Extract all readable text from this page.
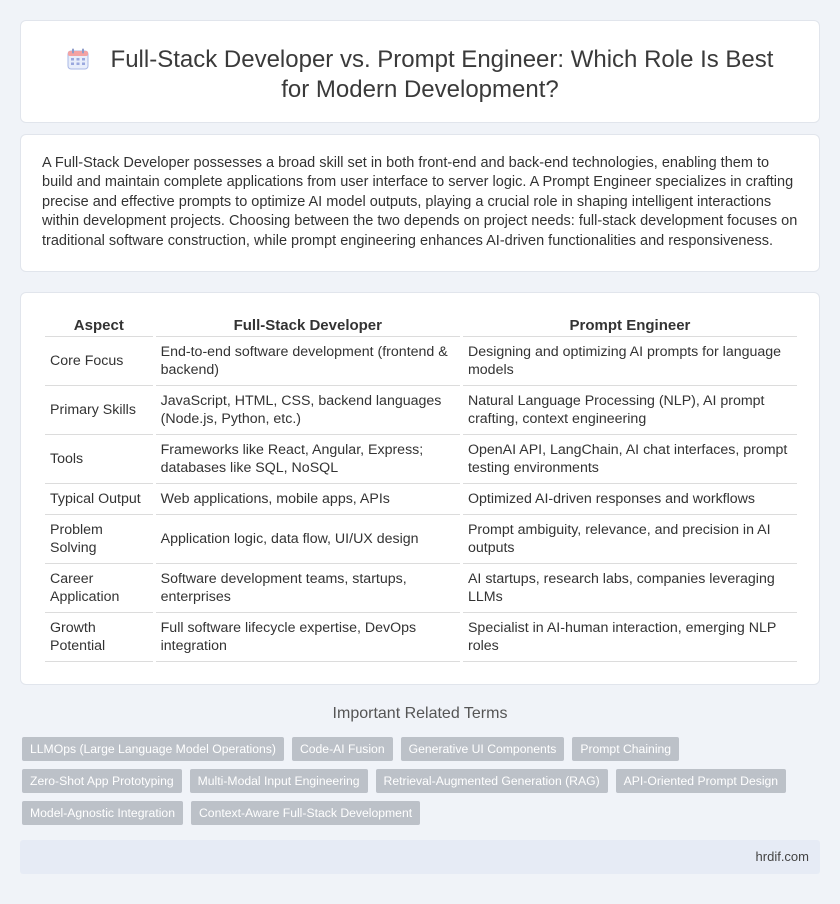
Full-Stack Developer vs. Prompt Engineer: Which Role Is Best for Modern Development?

A Full-Stack Developer possesses a broad skill set in both front-end and back-end technologies, enabling them to build and maintain complete applications from user interface to server logic. A Prompt Engineer specializes in crafting precise and effective prompts to optimize AI model outputs, playing a crucial role in shaping intelligent interactions within development projects. Choosing between the two depends on project needs: full-stack development focuses on traditional software construction, while prompt engineering enhances AI-driven functionalities and responsiveness.

Aspect	Full-Stack Developer	Prompt Engineer
Core Focus	End-to-end software development (frontend & backend)	Designing and optimizing AI prompts for language models
Primary Skills	JavaScript, HTML, CSS, backend languages (Node.js, Python, etc.)	Natural Language Processing (NLP), AI prompt crafting, context engineering
Tools	Frameworks like React, Angular, Express; databases like SQL, NoSQL	OpenAI API, LangChain, AI chat interfaces, prompt testing environments
Typical Output	Web applications, mobile apps, APIs	Optimized AI-driven responses and workflows
Problem Solving	Application logic, data flow, UI/UX design	Prompt ambiguity, relevance, and precision in AI outputs
Career Application	Software development teams, startups, enterprises	AI startups, research labs, companies leveraging LLMs
Growth Potential	Full software lifecycle expertise, DevOps integration	Specialist in AI-human interaction, emerging NLP roles
Important Related Terms
LLMOps (Large Language Model Operations)	Code-AI Fusion	Generative UI Components	Prompt Chaining
Zero-Shot App Prototyping	Multi-Modal Input Engineering	Retrieval-Augmented Generation (RAG)	API-Oriented Prompt Design
Model-Agnostic Integration	Context-Aware Full-Stack Development
hrdif.com
